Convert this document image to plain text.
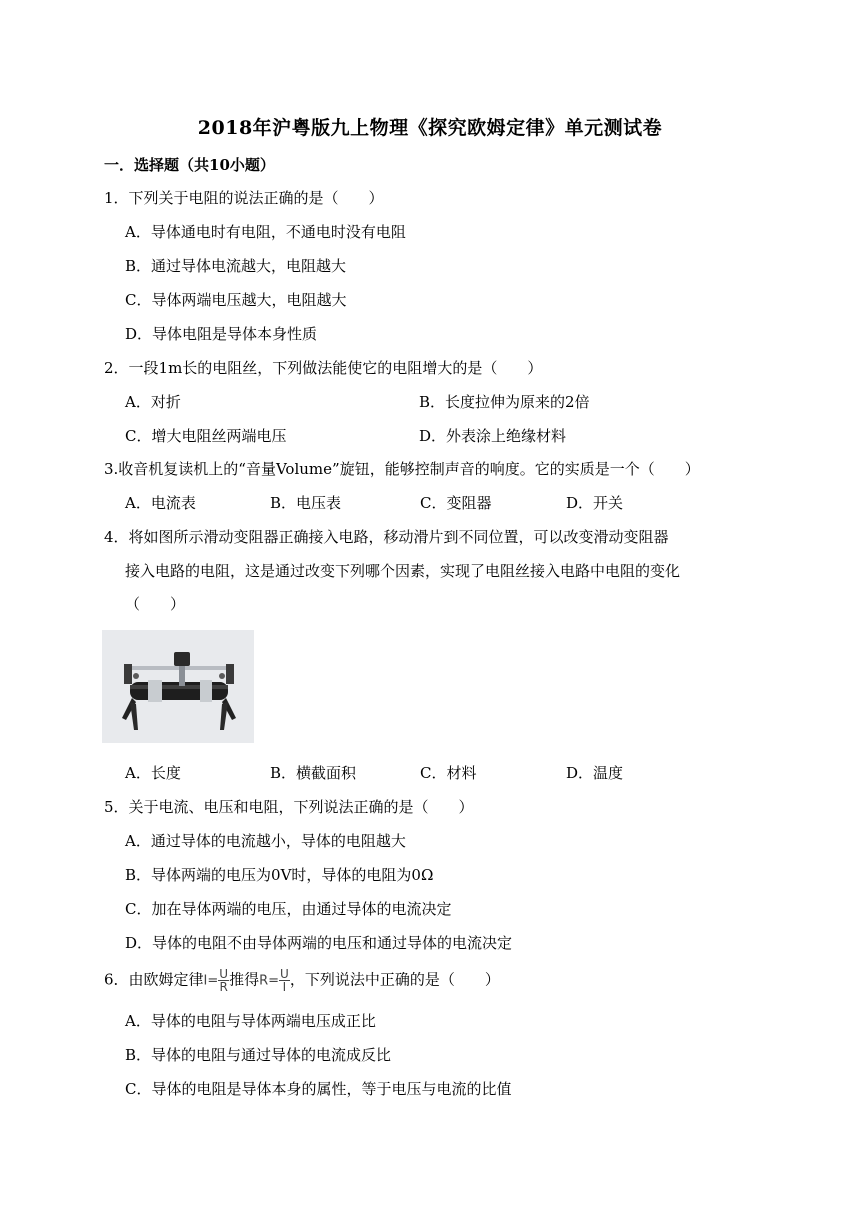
2018年沪粤版九上物理《探究欧姆定律》单元测试卷
一．选择题（共10小题）
1．下列关于电阻的说法正确的是（　　）
A．导体通电时有电阻，不通电时没有电阻
B．通过导体电流越大，电阻越大
C．导体两端电压越大，电阻越大
D．导体电阻是导体本身性质
2．一段1m长的电阻丝，下列做法能使它的电阻增大的是（　　）
A．对折	B．长度拉伸为原来的2倍
C．增大电阻丝两端电压	D．外表涂上绝缘材料
3.收音机复读机上的“音量Volume”旋钮，能够控制声音的响度。它的实质是一个（　　）
A．电流表	B．电压表	C．变阻器	D．开关
4．将如图所示滑动变阻器正确接入电路，移动滑片到不同位置，可以改变滑动变阻器
接入电路的电阻，这是通过改变下列哪个因素，实现了电阻丝接入电路中电阻的变化
（　　）
A．长度	B．横截面积	C．材料	D．温度
5．关于电流、电压和电阻，下列说法正确的是（　　）
A．通过导体的电流越小，导体的电阻越大
B．导体两端的电压为0V时，导体的电阻为0Ω
C．加在导体两端的电压，由通过导体的电流决定
D．导体的电阻不由导体两端的电压和通过导体的电流决定
6．由欧姆定律$I= \frac{U}{R}$ 推得$R= \frac{U}{I}$ ，下列说法中正确的是（　　）
A．导体的电阻与导体两端电压成正比
B．导体的电阻与通过导体的电流成反比
C．导体的电阻是导体本身的属性，等于电压与电流的比值
